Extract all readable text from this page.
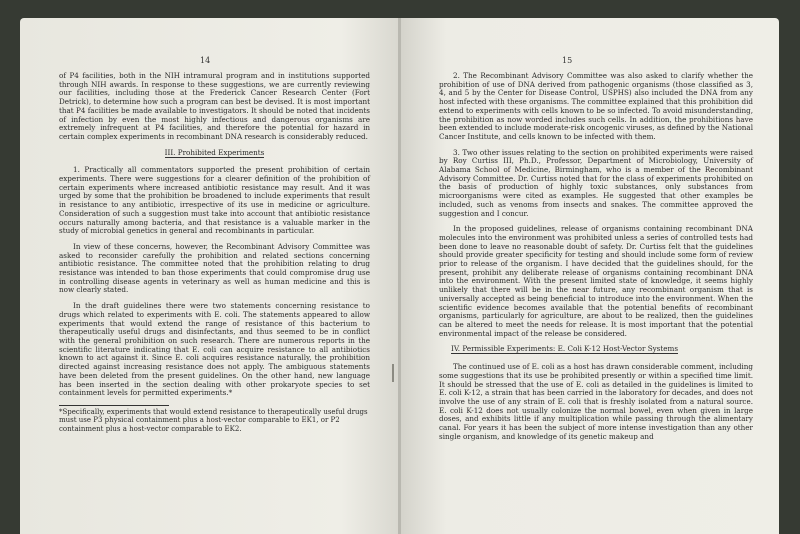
14

of P4 facilities, both in the NIH intramural program and in institutions supported through NIH awards. In response to these suggestions, we are currently reviewing our facilities, including those at the Frederick Cancer Research Center (Fort Detrick), to determine how such a program can best be devised. It is most important that P4 facilities be made available to investigators. It should be noted that incidents of infection by even the most highly infectious and dangerous organisms are extremely infrequent at P4 facilities, and therefore the potential for hazard in certain complex experiments in recombinant DNA research is considerably reduced.

III. Prohibited Experiments

1. Practically all commentators supported the present prohibition of certain experiments. There were suggestions for a clearer definition of the prohibition of certain experiments where increased antibiotic resistance may result. And it was urged by some that the prohibition be broadened to include experiments that result in resistance to any antibiotic, irrespective of its use in medicine or agriculture. Consideration of such a suggestion must take into account that antibiotic resistance occurs naturally among bacteria, and that resistance is a valuable marker in the study of microbial genetics in general and recombinants in particular.

In view of these concerns, however, the Recombinant Advisory Committee was asked to reconsider carefully the prohibition and related sections concerning antibiotic resistance. The committee noted that the prohibition relating to drug resistance was intended to ban those experiments that could compromise drug use in controlling disease agents in veterinary as well as human medicine and this is now clearly stated.

In the draft guidelines there were two statements concerning resistance to drugs which related to experiments with E. coli. The statements appeared to allow experiments that would extend the range of resistance of this bacterium to therapeutically useful drugs and disinfectants, and thus seemed to be in conflict with the general prohibition on such research. There are numerous reports in the scientific literature indicating that E. coli can acquire resistance to all antibiotics known to act against it. Since E. coli acquires resistance naturally, the prohibition directed against increasing resistance does not apply. The ambiguous statements have been deleted from the present guidelines. On the other hand, new language has been inserted in the section dealing with other prokaryote species to set containment levels for permitted experiments.*

*Specifically, experiments that would extend resistance to therapeutically useful drugs must use P3 physical containment plus a host-vector comparable to EK1, or P2 containment plus a host-vector comparable to EK2.
15

2. The Recombinant Advisory Committee was also asked to clarify whether the prohibition of use of DNA derived from pathogenic organisms (those classified as 3, 4, and 5 by the Center for Disease Control, USPHS) also included the DNA from any host infected with these organisms. The committee explained that this prohibition did extend to experiments with cells known to be so infected. To avoid misunderstanding, the prohibition as now worded includes such cells. In addition, the prohibitions have been extended to include moderate-risk oncogenic viruses, as defined by the National Cancer Institute, and cells known to be infected with them.

3. Two other issues relating to the section on prohibited experiments were raised by Roy Curtiss III, Ph.D., Professor, Department of Microbiology, University of Alabama School of Medicine, Birmingham, who is a member of the Recombinant Advisory Committee. Dr. Curtiss noted that for the class of experiments prohibited on the basis of production of highly toxic substances, only substances from microorganisms were cited as examples. He suggested that other examples be included, such as venoms from insects and snakes. The committee approved the suggestion and I concur.

In the proposed guidelines, release of organisms containing recombinant DNA molecules into the environment was prohibited unless a series of controlled tests had been done to leave no reasonable doubt of safety. Dr. Curtiss felt that the guidelines should provide greater specificity for testing and should include some form of review prior to release of the organism. I have decided that the guidelines should, for the present, prohibit any deliberate release of organisms containing recombinant DNA into the environment. With the present limited state of knowledge, it seems highly unlikely that there will be in the near future, any recombinant organism that is universally accepted as being beneficial to introduce into the environment. When the scientific evidence becomes available that the potential benefits of recombinant organisms, particularly for agriculture, are about to be realized, then the guidelines can be altered to meet the needs for release. It is most important that the potential environmental impact of the release be considered.

IV. Permissible Experiments: E. Coli K-12 Host-Vector Systems

The continued use of E. coli as a host has drawn considerable comment, including some suggestions that its use be prohibited presently or within a specified time limit. It should be stressed that the use of E. coli as detailed in the guidelines is limited to E. coli K-12, a strain that has been carried in the laboratory for decades, and does not involve the use of any strain of E. coli that is freshly isolated from a natural source. E. coli K-12 does not usually colonize the normal bowel, even when given in large doses, and exhibits little if any multiplication while passing through the alimentary canal. For years it has been the subject of more intense investigation than any other single organism, and knowledge of its genetic makeup and
